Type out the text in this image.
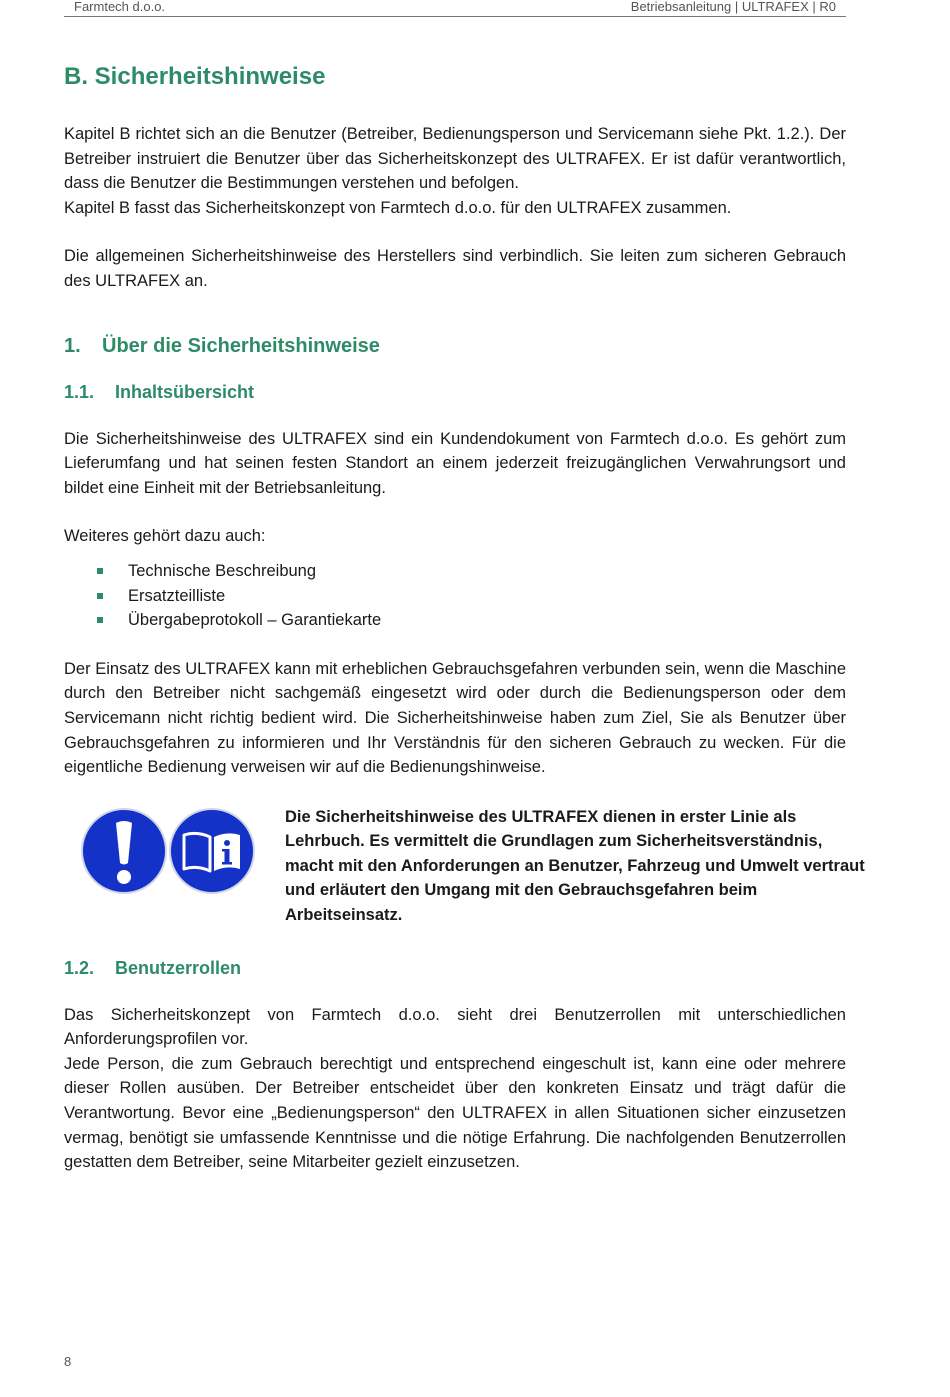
Farmtech d.o.o.	Betriebsanleitung | ULTRAFEX | R0
B. Sicherheitshinweise

Kapitel B richtet sich an die Benutzer (Betreiber, Bedienungsperson und Servicemann siehe Pkt. 1.2.). Der Betreiber instruiert die Benutzer über das Sicherheitskonzept des ULTRAFEX. Er ist dafür verantwortlich, dass die Benutzer die Bestimmungen verstehen und befolgen.

Kapitel B fasst das Sicherheitskonzept von Farmtech d.o.o. für den ULTRAFEX zusammen.

Die allgemeinen Sicherheitshinweise des Herstellers sind verbindlich. Sie leiten zum sicheren Gebrauch des ULTRAFEX an.

1. Über die Sicherheitshinweise
1.1. Inhaltsübersicht

Die Sicherheitshinweise des ULTRAFEX sind ein Kundendokument von Farmtech d.o.o. Es gehört zum Lieferumfang und hat seinen festen Standort an einem jederzeit freizugänglichen Verwahrungsort und bildet eine Einheit mit der Betriebsanleitung.

Weiteres gehört dazu auch:

Technische Beschreibung
Ersatzteilliste
Übergabeprotokoll – Garantiekarte

Der Einsatz des ULTRAFEX kann mit erheblichen Gebrauchsgefahren verbunden sein, wenn die Maschine durch den Betreiber nicht sachgemäß eingesetzt wird oder durch die Bedienungsperson oder dem Servicemann nicht richtig bedient wird. Die Sicherheitshinweise haben zum Ziel, Sie als Benutzer über Gebrauchsgefahren zu informieren und Ihr Verständnis für den sicheren Gebrauch zu wecken. Für die eigentliche Bedienung verweisen wir auf die Bedienungshinweise.

Die Sicherheitshinweise des ULTRAFEX dienen in erster Linie als Lehrbuch. Es vermittelt die Grundlagen zum Sicherheitsverständnis, macht mit den Anforderungen an Benutzer, Fahrzeug und Umwelt vertraut und erläutert den Umgang mit den Gebrauchsgefahren beim Arbeitseinsatz.
1.2. Benutzerrollen

Das Sicherheitskonzept von Farmtech d.o.o. sieht drei Benutzerrollen mit unterschiedlichen Anforderungsprofilen vor.

Jede Person, die zum Gebrauch berechtigt und entsprechend eingeschult ist, kann eine oder mehrere dieser Rollen ausüben. Der Betreiber entscheidet über den konkreten Einsatz und trägt dafür die Verantwortung. Bevor eine „Bedienungsperson“ den ULTRAFEX in allen Situationen sicher einzusetzen vermag, benötigt sie umfassende Kenntnisse und die nötige Erfahrung. Die nachfolgenden Benutzerrollen gestatten dem Betreiber, seine Mitarbeiter gezielt einzusetzen.

8
